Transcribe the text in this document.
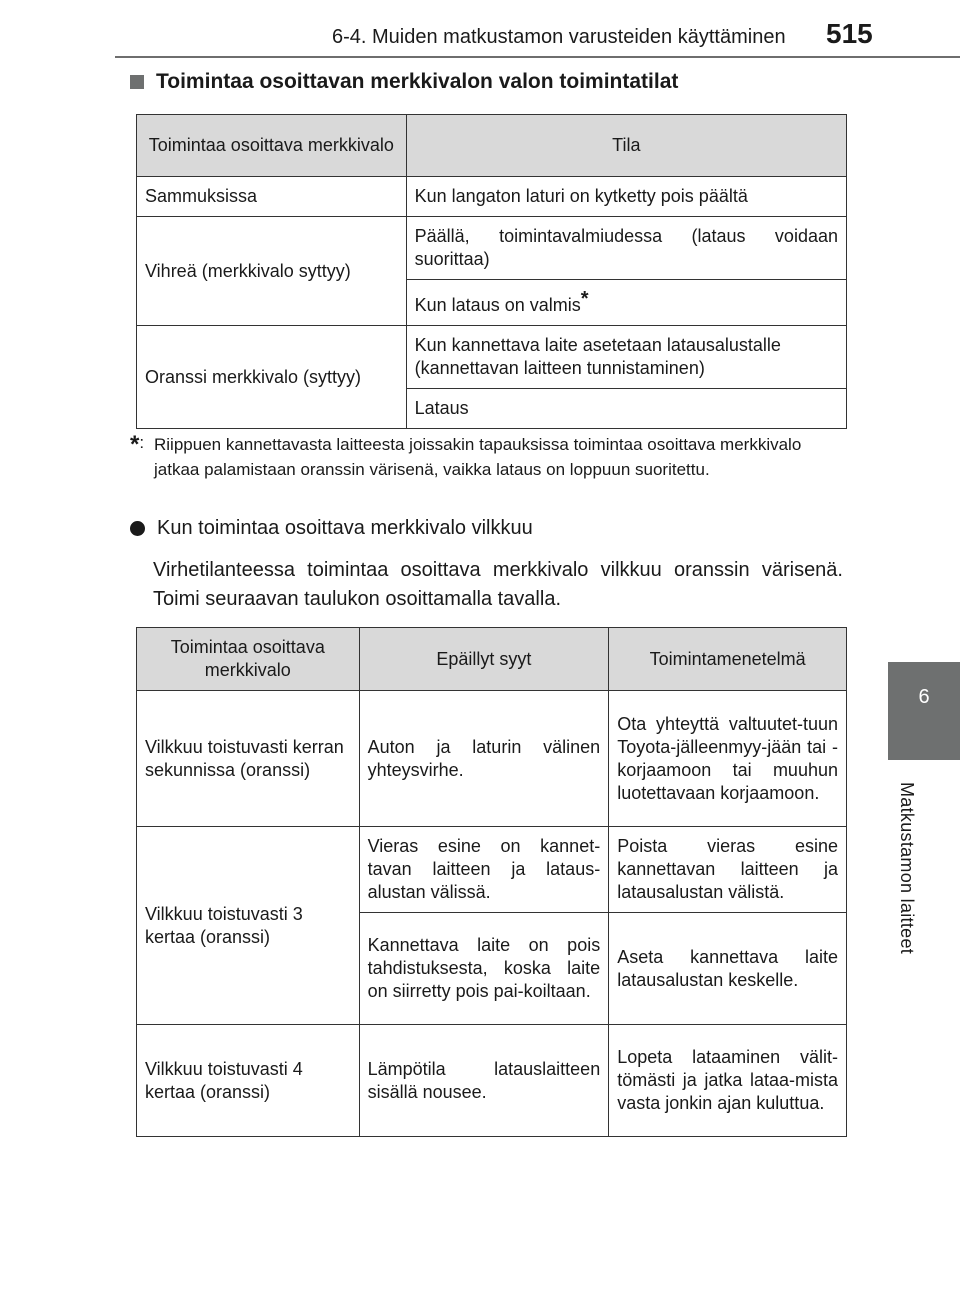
6-4. Muiden matkustamon varusteiden käyttäminen 515
6
Matkustamon laitteet
Toimintaa osoittavan merkkivalon valon toimintatilat
Toimintaa osoittava merkkivalo	Tila
Sammuksissa	Kun langaton laturi on kytketty pois päältä
Vihreä (merkkivalo syttyy)	Päällä, toimintavalmiudessa (lataus voidaan suorittaa)
	Kun lataus on valmis*
Oranssi merkkivalo (syttyy)	Kun kannettava laite asetetaan latausalustalle (kannettavan laitteen tunnistaminen)
	Lataus
*: Riippuen kannettavasta laitteesta joissakin tapauksissa toimintaa osoittava merkkivalo jatkaa palamistaan oranssin värisenä, vaikka lataus on loppuun suoritettu.
Kun toimintaa osoittava merkkivalo vilkkuu
Virhetilanteessa toimintaa osoittava merkkivalo vilkkuu oranssin värisenä. Toimi seuraavan taulukon osoittamalla tavalla.
Toimintaa osoittava merkkivalo	Epäillyt syyt	Toimintamenetelmä
Vilkkuu toistuvasti kerran sekunnissa (oranssi)	Auton ja laturin välinen yhteysvirhe.	Ota yhteyttä valtuutet-tuun Toyota-jälleenmyy-jään tai -korjaamoon tai muuhun luotettavaan korjaamoon.
Vilkkuu toistuvasti 3 kertaa (oranssi)	Vieras esine on kannet-tavan laitteen ja lataus-alustan välissä.	Poista vieras esine kannettavan laitteen ja latausalustan välistä.
	Kannettava laite on pois tahdistuksesta, koska laite on siirretty pois pai-koiltaan.	Aseta kannettava laite latausalustan keskelle.
Vilkkuu toistuvasti 4 kertaa (oranssi)	Lämpötila latauslaitteen sisällä nousee.	Lopeta lataaminen välit-tömästi ja jatka lataa-mista vasta jonkin ajan kuluttua.
